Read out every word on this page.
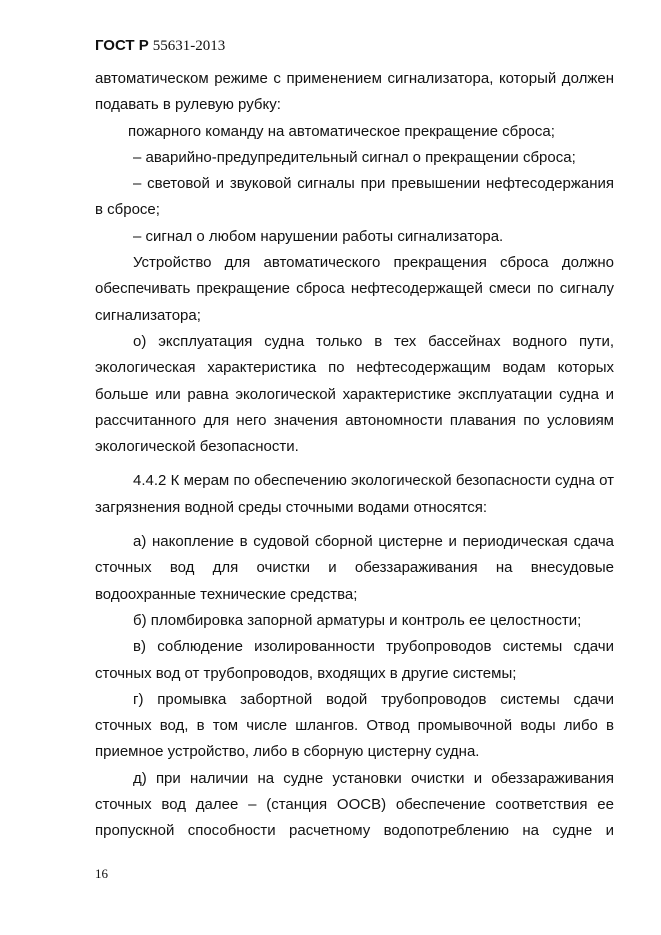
ГОСТ Р 55631-2013

автоматическом режиме с применением сигнализатора, который должен подавать в рулевую рубку:

пожарного команду на автоматическое прекращение сброса;

– аварийно-предупредительный сигнал о прекращении сброса;

– световой и звуковой сигналы при превышении нефтесодержания в сбросе;

– сигнал о любом нарушении работы сигнализатора.

Устройство для автоматического прекращения сброса должно обеспечивать прекращение сброса нефтесодержащей смеси по сигналу сигнализатора;

о) эксплуатация судна только в тех бассейнах водного пути, экологическая характеристика по нефтесодержащим водам которых больше или равна экологической характеристике эксплуатации судна и рассчитанного для него значения автономности плавания по условиям экологической безопасности.

4.4.2 К мерам по обеспечению экологической безопасности судна от загрязнения водной среды сточными водами относятся:

а) накопление в судовой сборной цистерне и периодическая сдача сточных вод для очистки и обеззараживания на внесудовые водоохранные технические средства;

б) пломбировка запорной арматуры и контроль ее целостности;

в) соблюдение изолированности трубопроводов системы сдачи сточных вод от трубопроводов, входящих в другие системы;

г) промывка забортной водой трубопроводов системы сдачи сточных вод, в том числе шлангов. Отвод промывочной воды либо в приемное устройство, либо в сборную цистерну судна.

д) при наличии на судне установки очистки и обеззараживания сточных вод далее – (станция ООСВ) обеспечение соответствия ее пропускной способности расчетному водопотреблению на судне и

16
